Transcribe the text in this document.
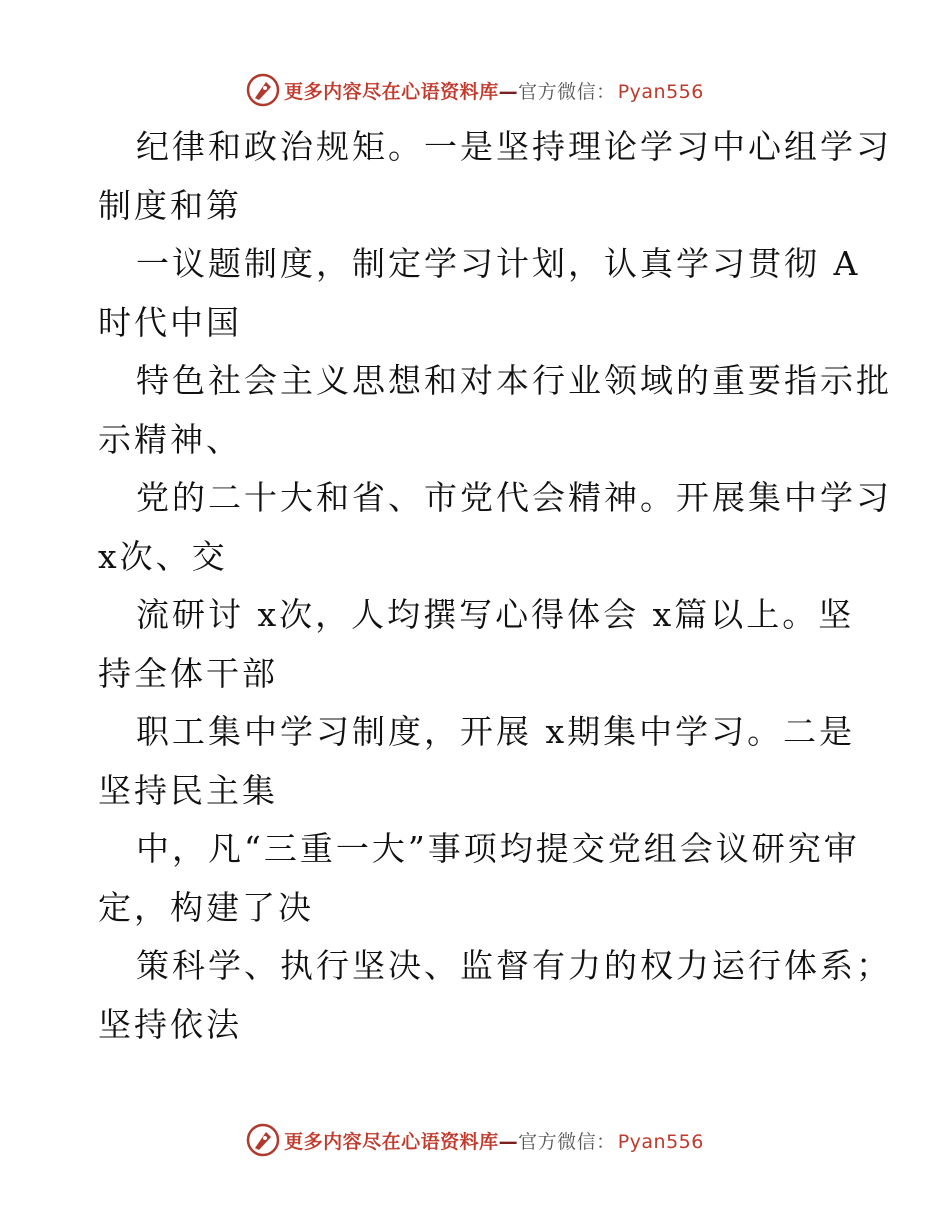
更多内容尽在心语资料库 — 官方微信： Pyan556
纪律和政治规矩。一是坚持理论学习中心组学习
制度和第
一议题制度，制定学习计划，认真学习贯彻 A
时代中国
特色社会主义思想和对本行业领域的重要指示批
示精神、
党的二十大和省、市党代会精神。开展集中学习
x次、交
流研讨 x次，人均撰写心得体会 x篇以上。坚
持全体干部
职工集中学习制度，开展 x期集中学习。二是
坚持民主集
中，凡“三重一大”事项均提交党组会议研究审
定，构建了决
策科学、执行坚决、监督有力的权力运行体系；
坚持依法
更多内容尽在心语资料库 — 官方微信： Pyan556
